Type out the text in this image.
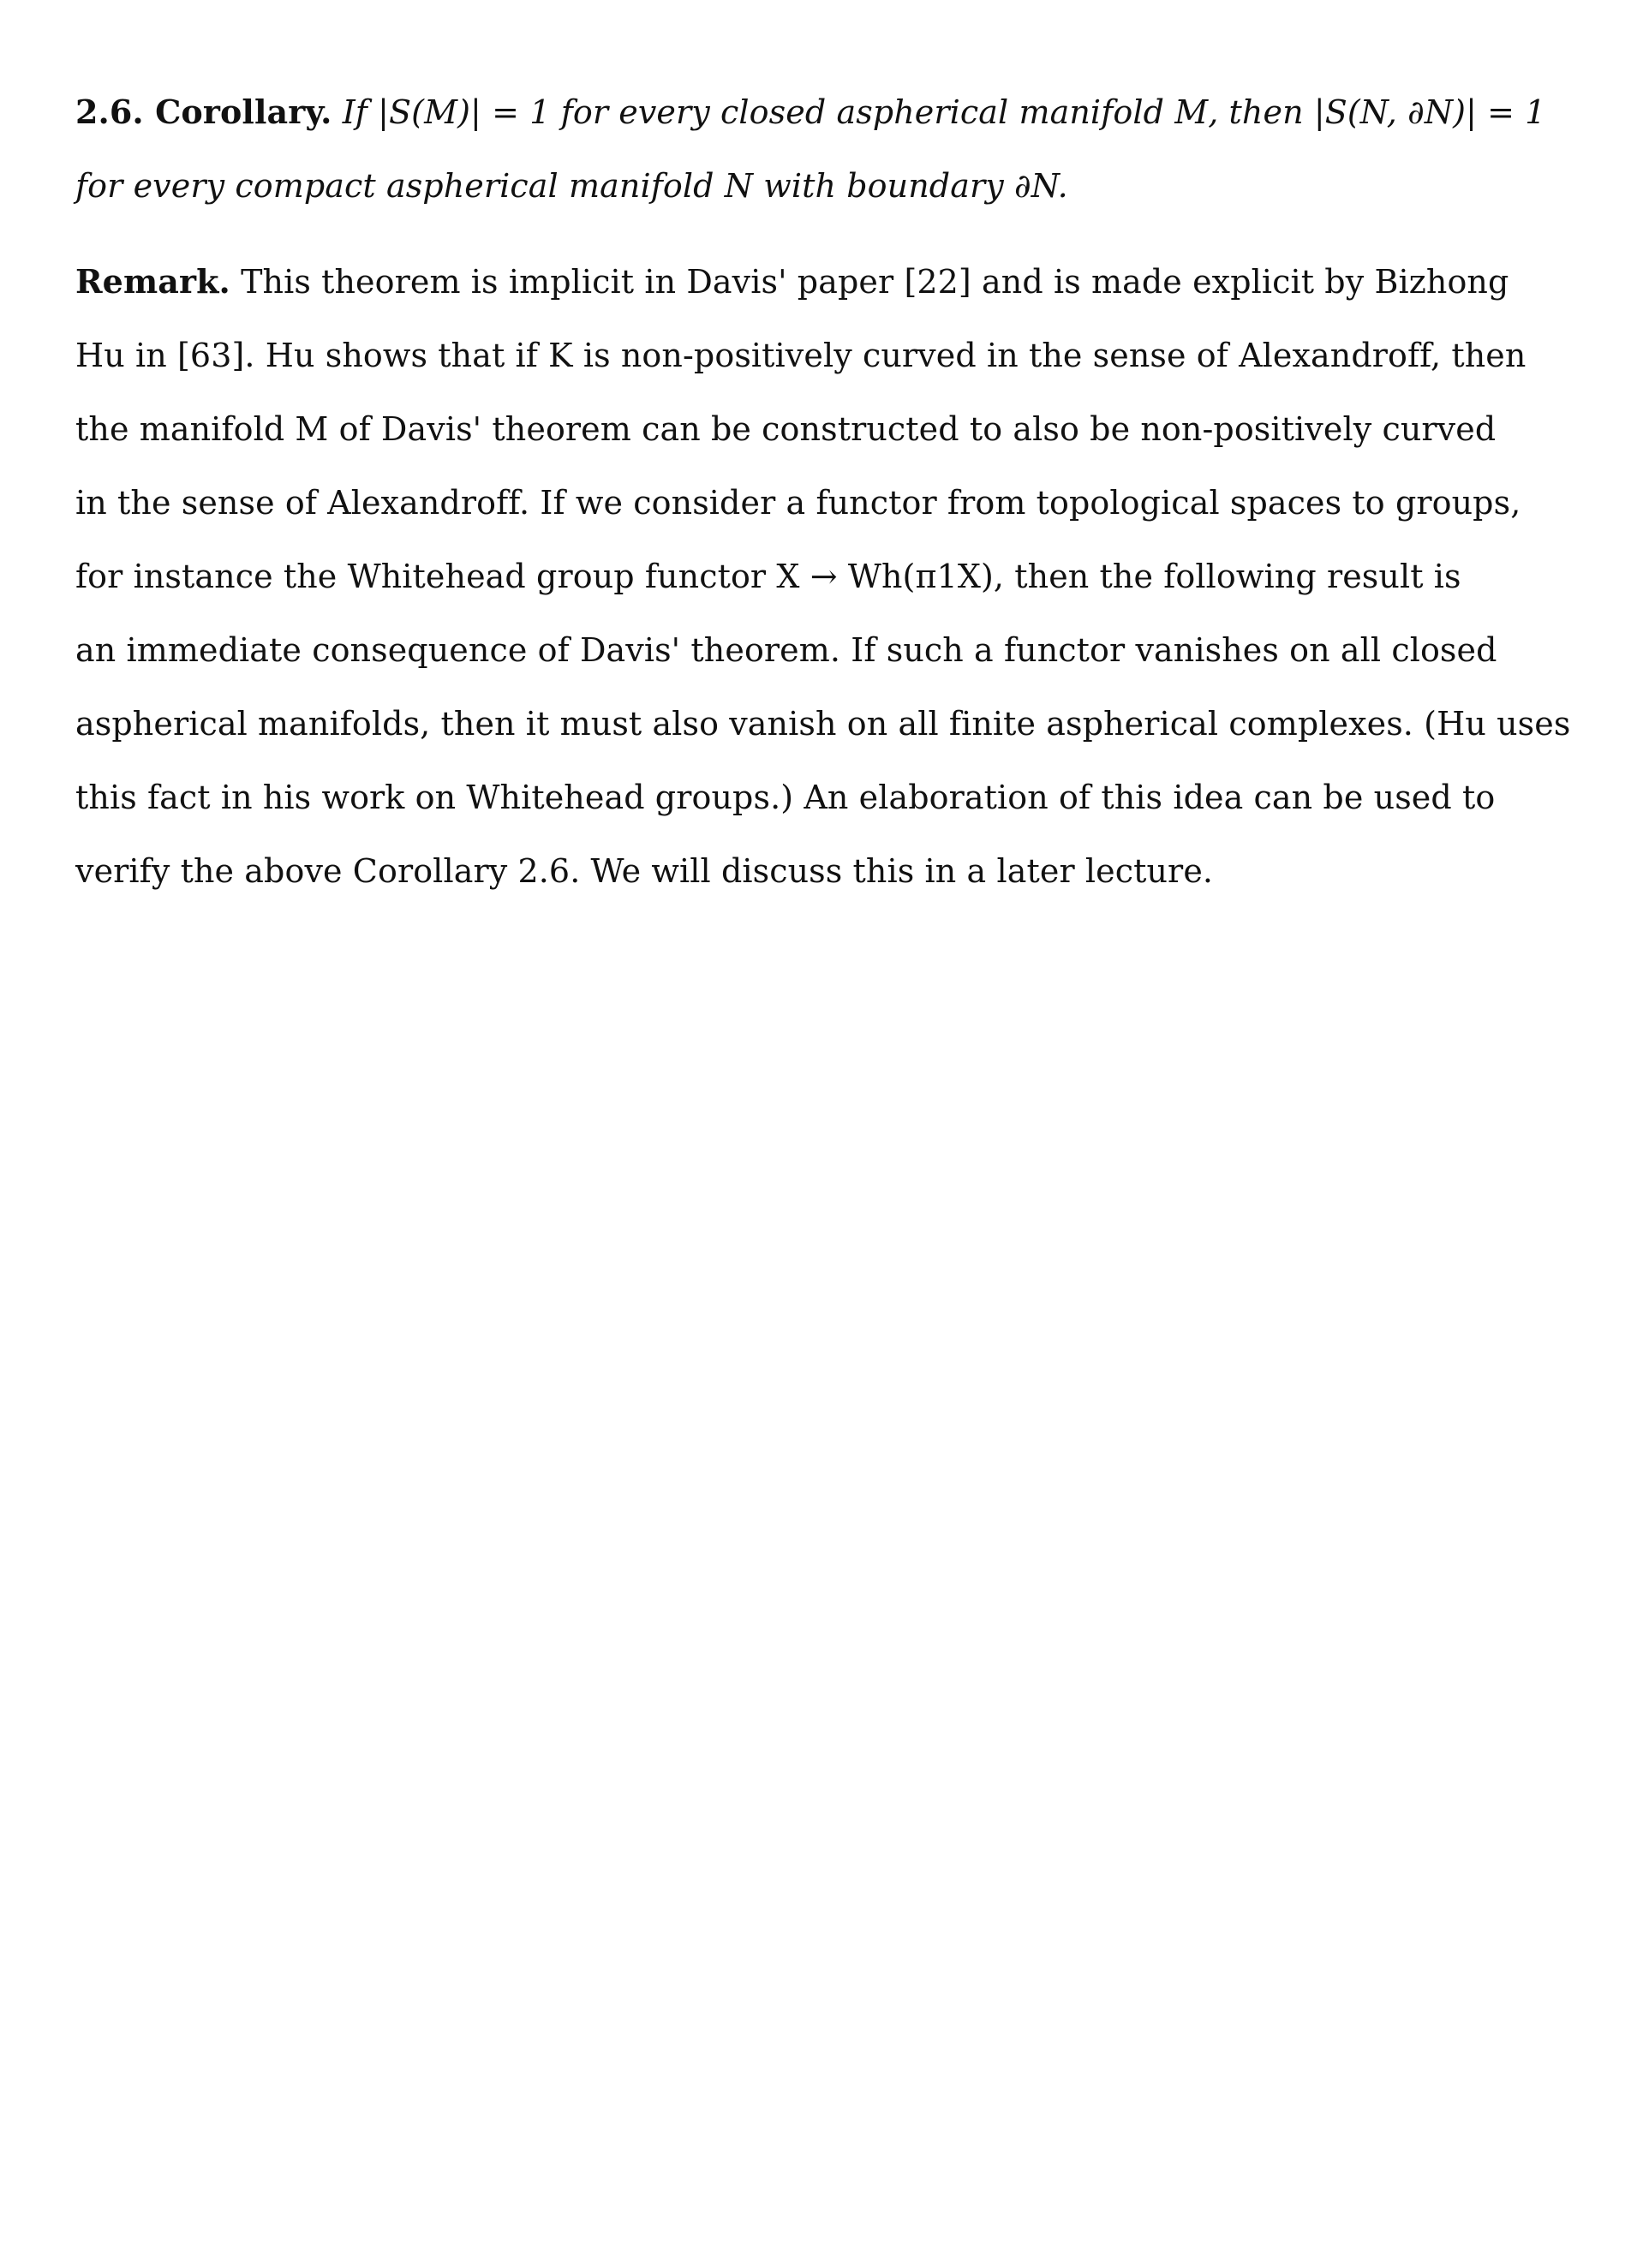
2.6. Corollary. If |S(M)| = 1 for every closed aspherical manifold M, then |S(N, ∂N)| = 1
for every compact aspherical manifold N with boundary ∂N.
Remark. This theorem is implicit in Davis' paper [22] and is made explicit by Bizhong
Hu in [63]. Hu shows that if K is non-positively curved in the sense of Alexandroff, then
the manifold M of Davis' theorem can be constructed to also be non-positively curved
in the sense of Alexandroff. If we consider a functor from topological spaces to groups,
for instance the Whitehead group functor X → Wh(π1X), then the following result is
an immediate consequence of Davis' theorem. If such a functor vanishes on all closed
aspherical manifolds, then it must also vanish on all finite aspherical complexes. (Hu uses
this fact in his work on Whitehead groups.) An elaboration of this idea can be used to
verify the above Corollary 2.6. We will discuss this in a later lecture.
